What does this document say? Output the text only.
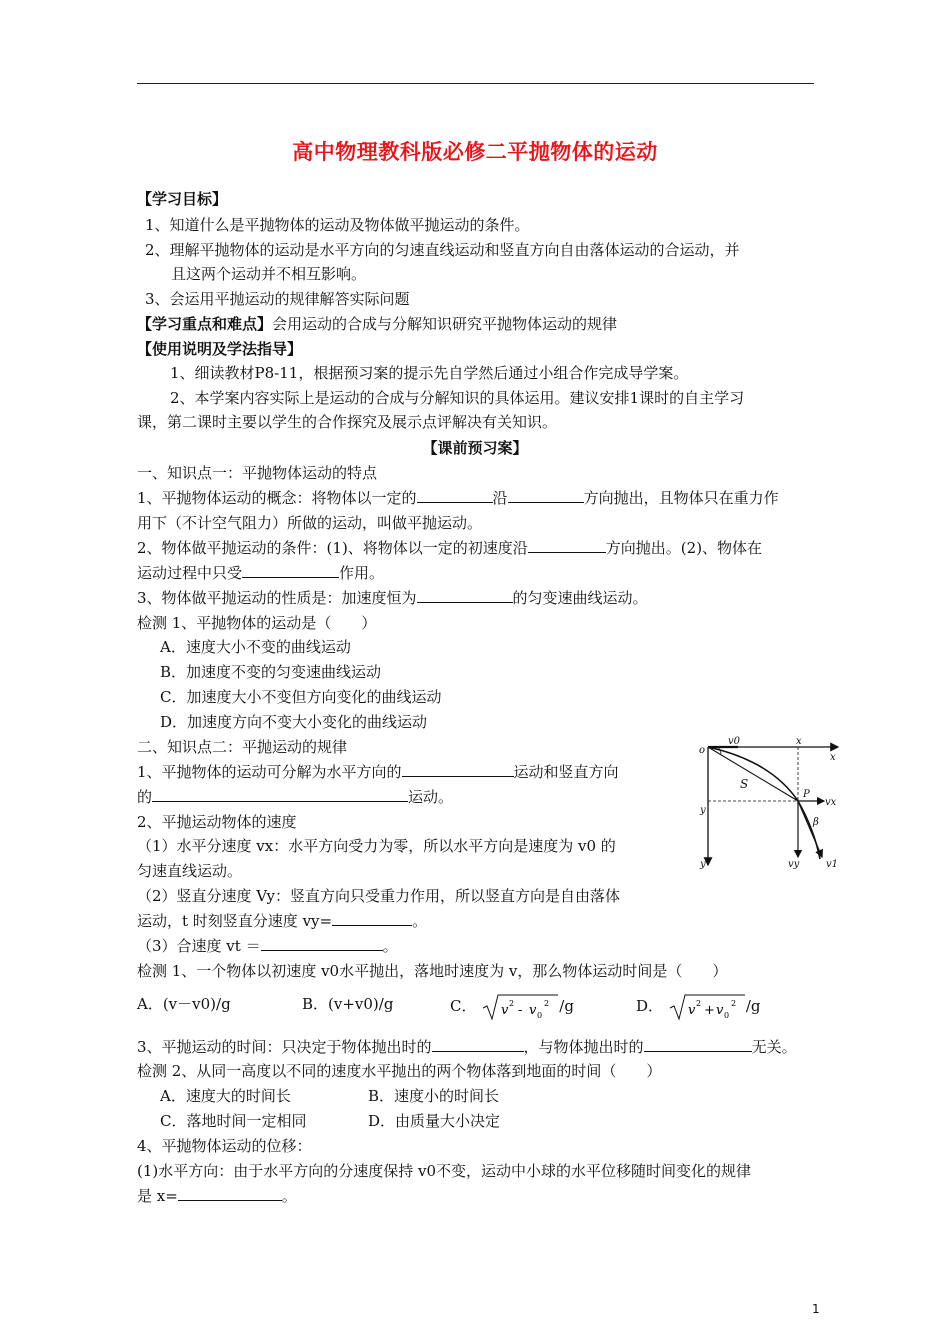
高中物理教科版必修二平抛物体的运动
【学习目标】
1、知道什么是平抛物体的运动及物体做平抛运动的条件。
2、理解平抛物体的运动是水平方向的匀速直线运动和竖直方向自由落体运动的合运动，并
且这两个运动并不相互影响。
3、会运用平抛运动的规律解答实际问题
【学习重点和难点】会用运动的合成与分解知识研究平抛物体运动的规律
【使用说明及学法指导】
1、细读教材P8-11，根据预习案的提示先自学然后通过小组合作完成导学案。
2、本学案内容实际上是运动的合成与分解知识的具体运用。建议安排1课时的自主学习
课，第二课时主要以学生的合作探究及展示点评解决有关知识。
【课前预习案】
一、知识点一：平抛物体运动的特点
1、平抛物体运动的概念：将物体以一定的	沿	方向抛出，且物体只在重力作
用下（不计空气阻力）所做的运动，叫做平抛运动。
2、物体做平抛运动的条件：(1)、将物体以一定的初速度沿	方向抛出。(2)、物体在
运动过程中只受	作用。
3、物体做平抛运动的性质是：加速度恒为	的匀变速曲线运动。
检测 1、平抛物体的运动是（　　）
A．速度大小不变的曲线运动
B．加速度不变的匀变速曲线运动
C．加速度大小不变但方向变化的曲线运动
D．加速度方向不变大小变化的曲线运动
二、知识点二：平抛运动的规律
1、平抛物体的运动可分解为水平方向的	运动和竖直方向
的	运动。
2、平抛运动物体的速度
（1）水平分速度 vx：水平方向受力为零，所以水平方向是速度为 v0 的
匀速直线运动。
（2）竖直分速度 Vy：竖直方向只受重力作用，所以竖直方向是自由落体
运动，t 时刻竖直分速度 vy=	。
（3）合速度 vt ＝	。
检测 1、一个物体以初速度 v0水平抛出，落地时速度为 v，那么物体运动时间是（　　）
A．(v－v0)/g	B．(v+v0)/g	C． v 2 - v 0
2 /g	D． v 2 + v 0
2 /g
3、平抛运动的时间：只决定于物体抛出时的	，与物体抛出时的	无关。
检测 2、从同一高度以不同的速度水平抛出的两个物体落到地面的时间（　　）
A．速度大的时间长	B．速度小的时间长
C．落地时间一定相同	D．由质量大小决定
4、平抛物体运动的位移：
(1)水平方向：由于水平方向的分速度保持 v0不变，运动中小球的水平位移随时间变化的规律
是 x=	。
o
v0	x
x
S
P
vx
β
y
y	vy	v1
1
